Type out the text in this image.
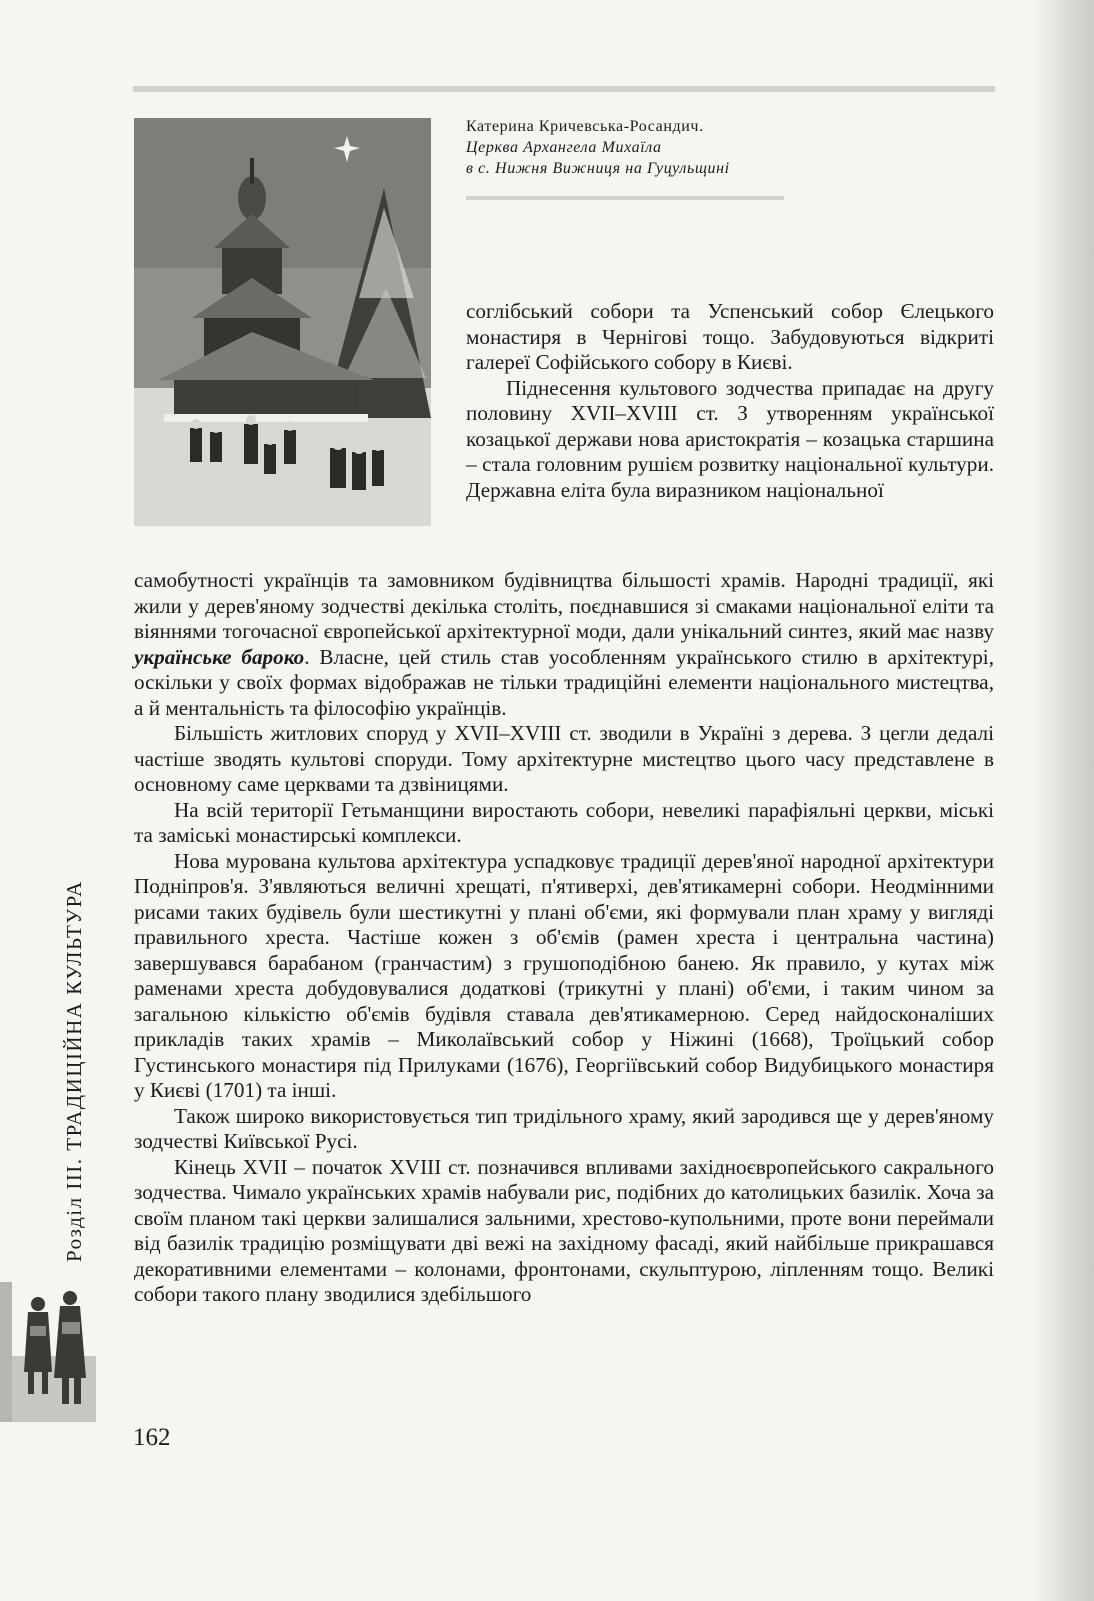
Катерина Кричевська-Росандич.
Церква Архангела Михаїла
в с. Нижня Вижниця на Гуцульщині

соглібський собори та Успенський собор Єлецького монастиря в Чернігові тощо. Забудовуються відкриті галереї Софійського собору в Києві.

Піднесення культового зодчества припадає на другу половину XVII–XVIII ст. З утворенням української козацької держави нова аристократія – козацька старшина – стала головним рушієм розвитку національної культури. Державна еліта була виразником національної

самобутності українців та замовником будівництва більшості храмів. Народні традиції, які жили у дерев'яному зодчестві декілька століть, поєднавшися зі смаками національної еліти та віяннями тогочасної європейської архітектурної моди, дали унікальний синтез, який має назву українське бароко. Власне, цей стиль став уособленням українського стилю в архітектурі, оскільки у своїх формах відображав не тільки традиційні елементи національного мистецтва, а й ментальність та філософію українців.

Більшість житлових споруд у XVII–XVIII ст. зводили в Україні з дерева. З цегли дедалі частіше зводять культові споруди. Тому архітектурне мистецтво цього часу представлене в основному саме церквами та дзвіницями.

На всій території Гетьманщини виростають собори, невеликі парафіяльні церкви, міські та заміські монастирські комплекси.

Нова мурована культова архітектура успадковує традиції дерев'яної народної архітектури Подніпров'я. З'являються величні хрещаті, п'ятиверхі, дев'ятикамерні собори. Неодмінними рисами таких будівель були шестикутні у плані об'єми, які формували план храму у вигляді правильного хреста. Частіше кожен з об'ємів (рамен хреста і центральна частина) завершувався барабаном (гранчастим) з грушоподібною банею. Як правило, у кутах між раменами хреста добудовувалися додаткові (трикутні у плані) об'єми, і таким чином за загальною кількістю об'ємів будівля ставала дев'ятикамерною. Серед найдосконаліших прикладів таких храмів – Миколаївський собор у Ніжині (1668), Троїцький собор Густинського монастиря під Прилуками (1676), Георгіївський собор Видубицького монастиря у Києві (1701) та інші.

Також широко використовується тип тридільного храму, який зародився ще у дерев'яному зодчестві Київської Русі.

Кінець XVII – початок XVIII ст. позначився впливами західноєвропейського сакрального зодчества. Чимало українських храмів набували рис, подібних до католицьких базилік. Хоча за своїм планом такі церкви залишалися зальними, хрестово-купольними, проте вони переймали від базилік традицію розміщувати дві вежі на західному фасаді, який найбільше прикрашався декоративними елементами – колонами, фронтонами, скульптурою, ліпленням тощо. Великі собори такого плану зводилися здебільшого

Розділ III. ТРАДИЦІЙНА КУЛЬТУРА
162
